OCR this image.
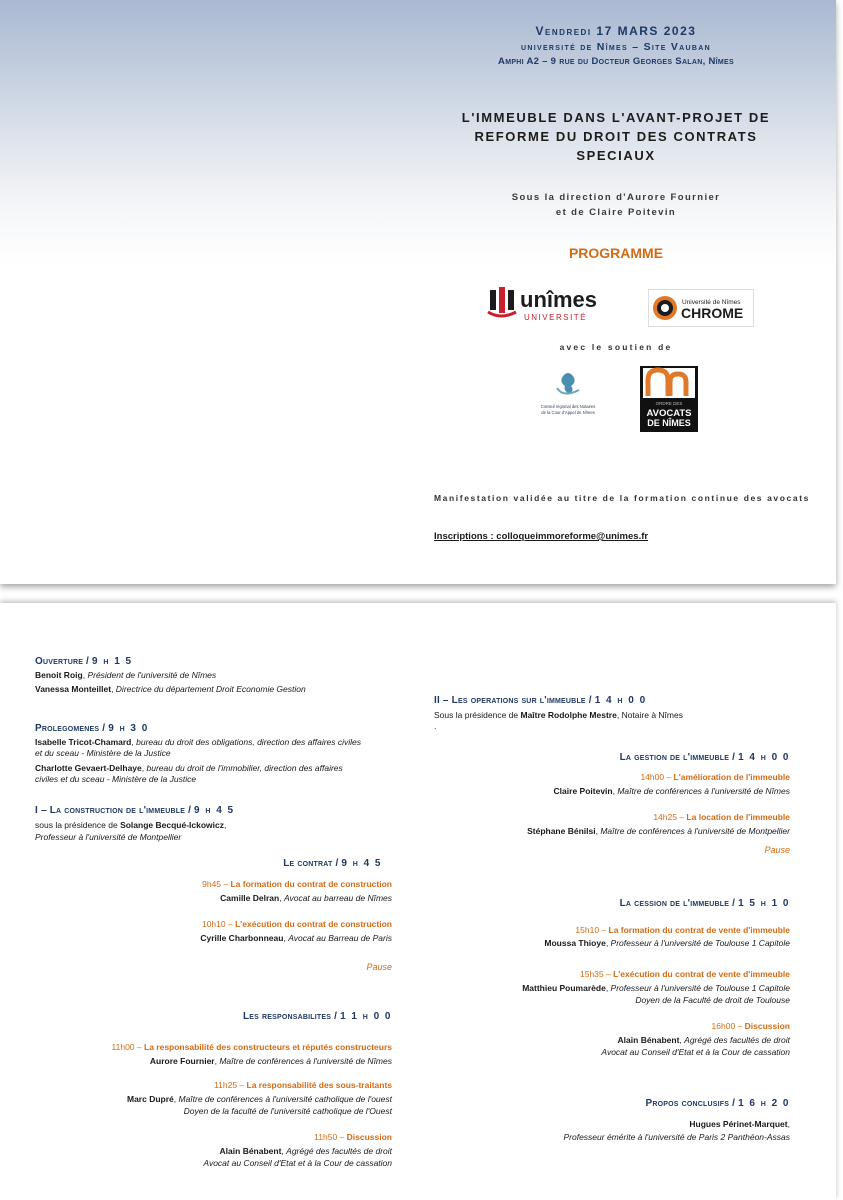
Vendredi 17 MARS 2023
université de Nîmes – Site Vauban
Amphi A2 – 9 rue du Docteur Georges Salan, Nîmes
L'IMMEUBLE DANS L'AVANT-PROJET DE REFORME DU DROIT DES CONTRATS SPECIAUX
Sous la direction d'Aurore Fournier
et de Claire Poitevin
PROGRAMME
unîmes
UNIVERSITÉ
Université de Nîmes
CHROME
avec le soutien de
Conseil régional des Notaires
de la Cour d'Appel de Nîmes
ORDRE DES
AVOCATS
DE NÎMES
Manifestation validée au titre de la formation continue des avocats
Inscriptions : colloqueimmoreforme@unimes.fr
Ouverture / 9 h 1 5
Benoit Roig, Président de l'université de Nîmes
Vanessa Monteillet, Directrice du département Droit Economie Gestion
Prolegomenes / 9 h 3 0
Isabelle Tricot-Chamard, bureau du droit des obligations, direction des affaires civiles
et du sceau - Ministère de la Justice
Charlotte Gevaert-Delhaye, bureau du droit de l'immobilier, direction des affaires
civiles et du sceau - Ministère de la Justice
I – La construction de l'immeuble / 9 h 4 5
sous la présidence de Solange Becqué-Ickowicz,
Professeur à l'université de Montpellier
Le contrat / 9 h 4 5
9h45 – La formation du contrat de construction
Camille Delran, Avocat au barreau de Nîmes
10h10 – L'exécution du contrat de construction
Cyrille Charbonneau, Avocat au Barreau de Paris
Pause
Les responsabilites / 1 1 h 0 0
11h00 – La responsabilité des constructeurs et réputés constructeurs
Aurore Fournier, Maître de conférences à l'université de Nîmes
11h25 – La responsabilité des sous-traitants
Marc Dupré, Maître de conférences à l'université catholique de l'ouest
Doyen de la faculté de l'université catholique de l'Ouest
11h50 – Discussion
Alain Bénabent, Agrégé des facultés de droit
Avocat au Conseil d'Etat et à la Cour de cassation
II – Les operations sur l'immeuble / 1 4 h 0 0
Sous la présidence de Maître Rodolphe Mestre, Notaire à Nîmes
.
La gestion de l'immeuble / 1 4 h 0 0
14h00 – L'amélioration de l'immeuble
Claire Poitevin, Maître de conférences à l'université de Nîmes
14h25 – La location de l'immeuble
Stéphane Bénilsi, Maître de conférences à l'université de Montpellier
Pause
La cession de l'immeuble / 1 5 h 1 0
15h10 – La formation du contrat de vente d'immeuble
Moussa Thioye, Professeur à l'université de Toulouse 1 Capitole
15h35 – L'exécution du contrat de vente d'immeuble
Matthieu Poumarède, Professeur à l'université de Toulouse 1 Capitole
Doyen de la Faculté de droit de Toulouse
16h00 – Discussion
Alain Bénabent, Agrégé des facultés de droit
Avocat au Conseil d'Etat et à la Cour de cassation
Propos conclusifs / 1 6 h 2 0
Hugues Périnet-Marquet,
Professeur émérite à l'université de Paris 2 Panthéon-Assas
